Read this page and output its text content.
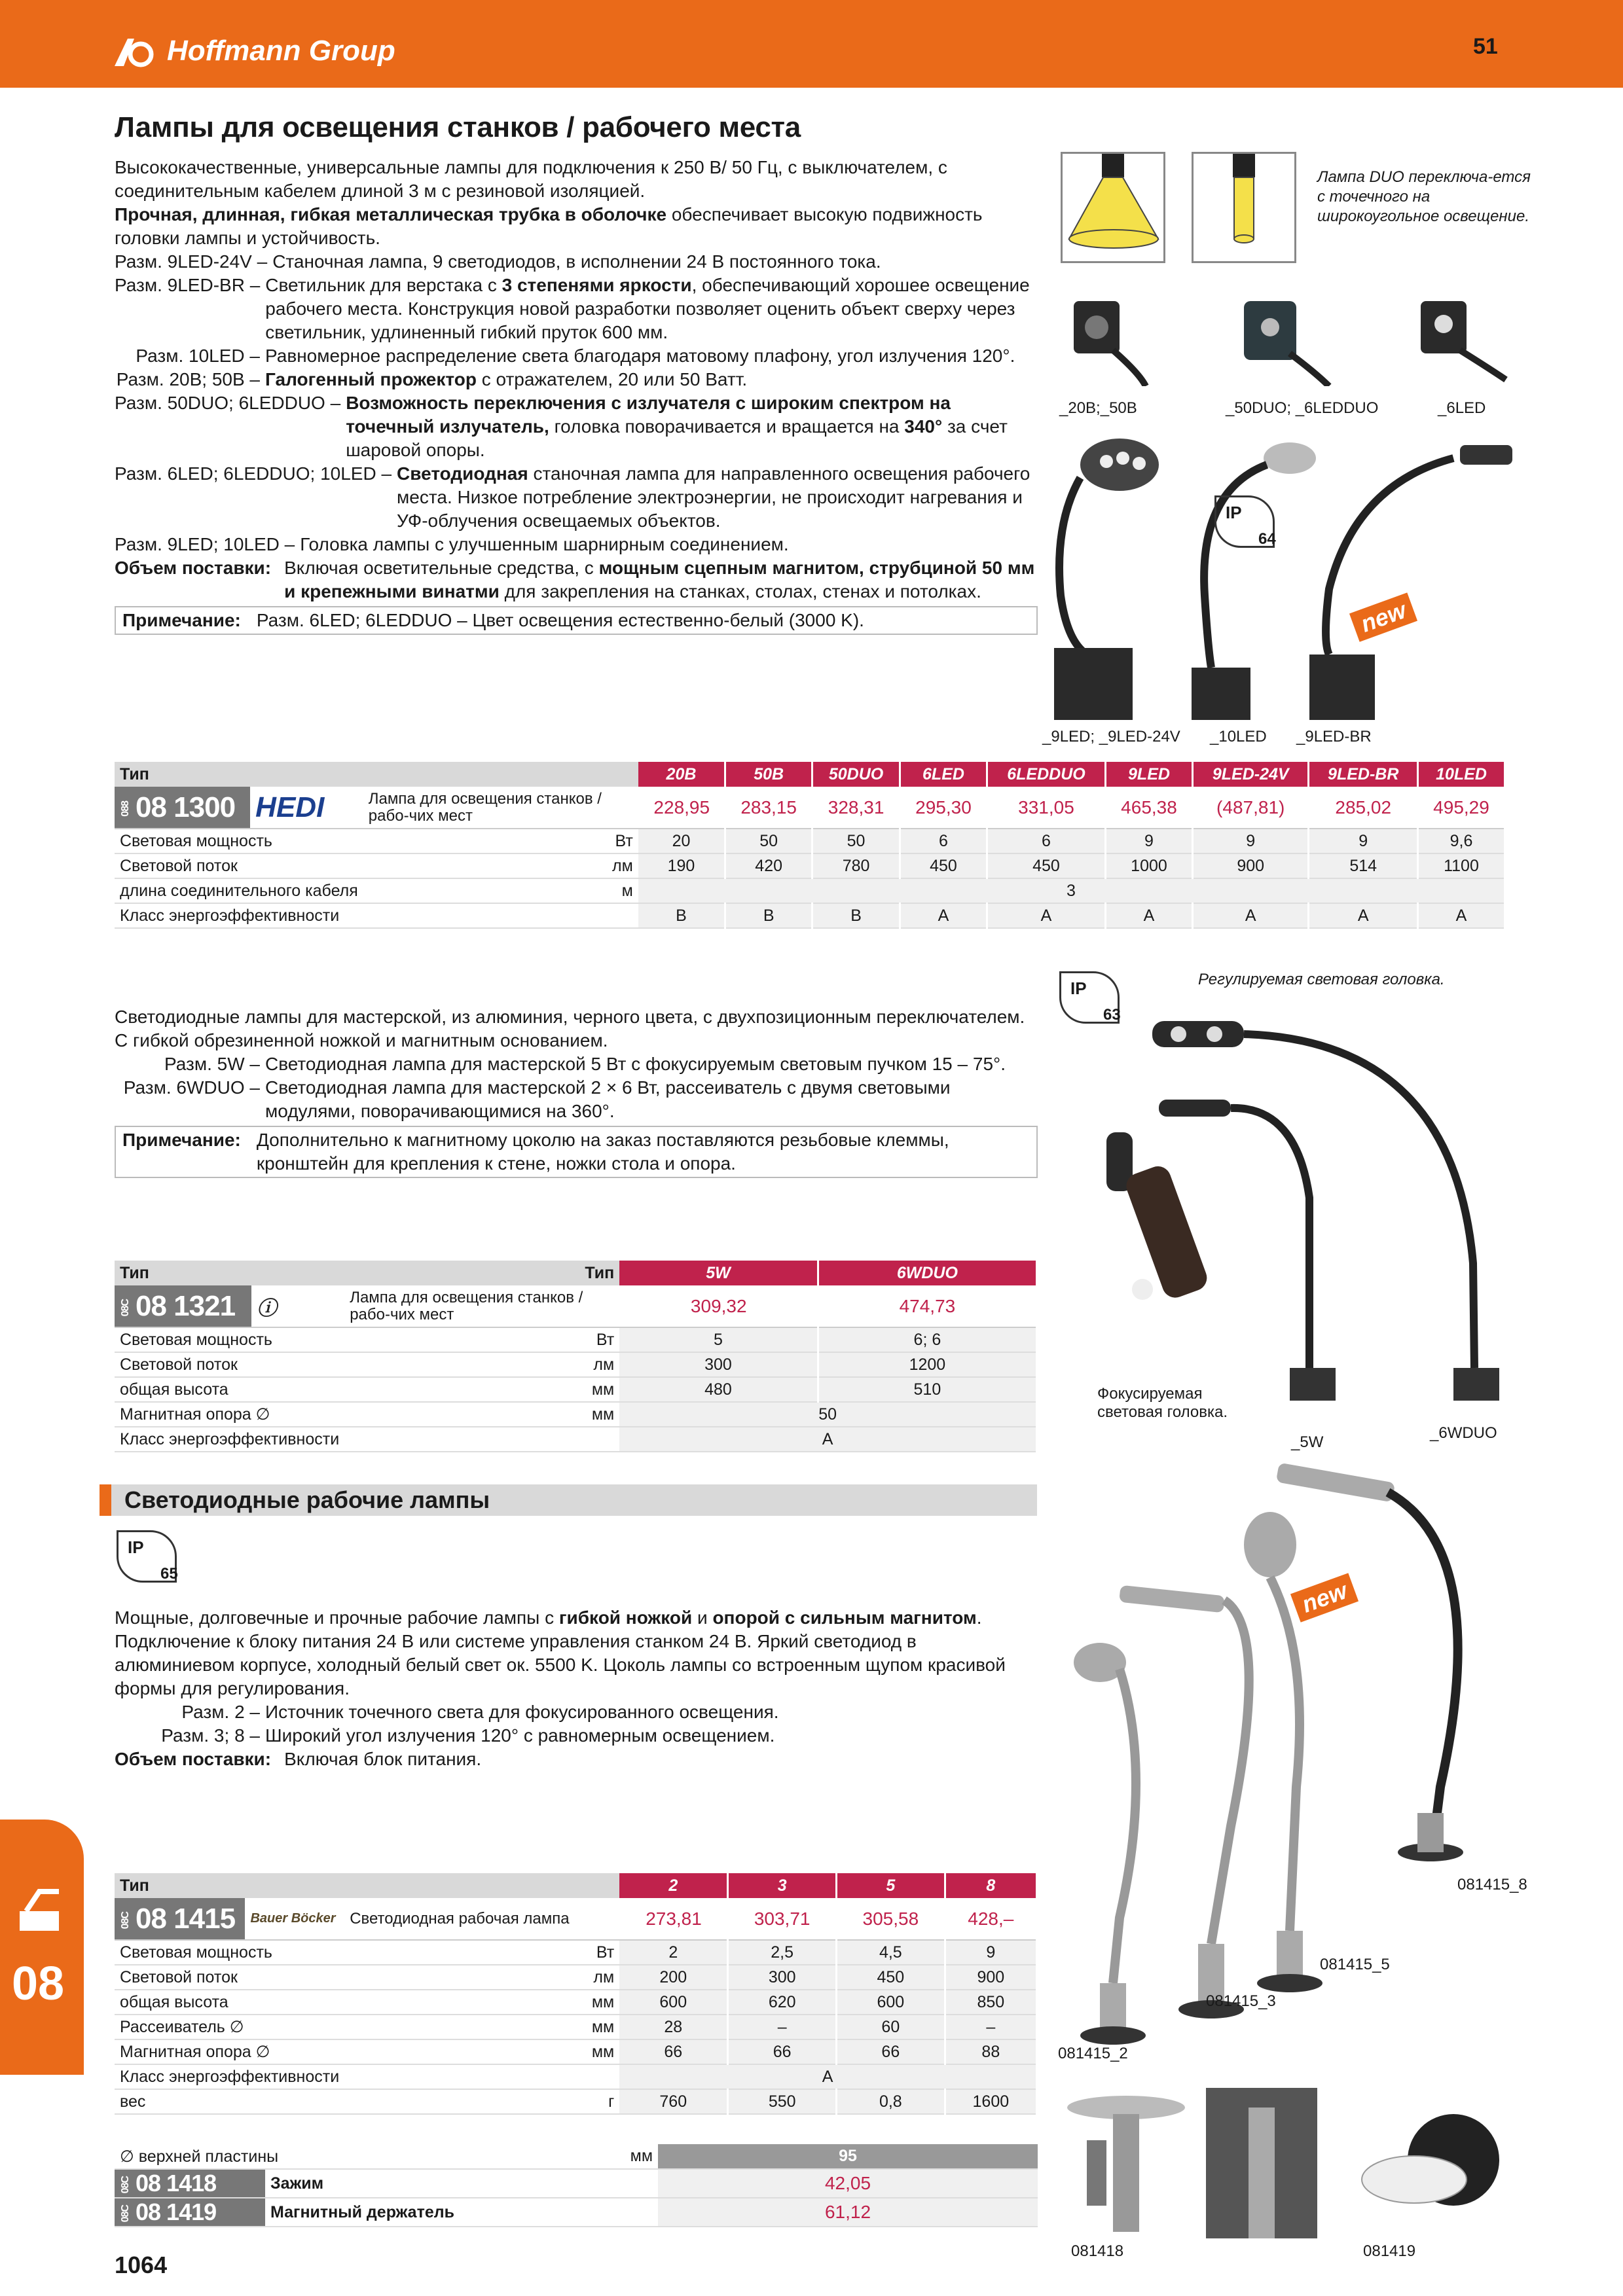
Hoffmann Group	51	RUE
Лампы для освещения станков / рабочего места
Высококачественные, универсальные лампы для подключения к 250 В/ 50 Гц, с выключателем, с соединительным кабелем длиной 3 м с резиновой изоляцией.
Прочная, длинная, гибкая металлическая трубка в оболочке обеспечивает высокую подвижность головки лампы и устойчивость.
Разм. 9LED-24V – Станочная лампа, 9 светодиодов, в исполнении 24 В постоянного тока.
Разм. 9LED-BR – Светильник для верстака с 3 степенями яркости, обеспечивающий хорошее освещение рабочего места. Конструкция новой разработки позволяет оценить объект сверху через светильник, удлиненный гибкий пруток 600 мм.
Разм. 10LED – Равномерное распределение света благодаря матовому плафону, угол излучения 120°.
Разм. 20B; 50B – Галогенный прожектор с отражателем, 20 или 50 Ватт.
Разм. 50DUO; 6LEDDUO – Возможность переключения с излучателя с широким спектром на точечный излучатель, головка поворачивается и вращается на 340° за счет шаровой опоры.
Разм. 6LED; 6LEDDUO; 10LED – Светодиодная станочная лампа для направленного освещения рабочего места. Низкое потребление электроэнергии, не происходит нагревания и УФ-облучения освещаемых объектов.
Разм. 9LED; 10LED – Головка лампы с улучшенным шарнирным соединением.
Объем поставки: Включая осветительные средства, с мощным сцепным магнитом, струбциной 50 мм и крепежными винатми для закрепления на станках, столах, стенах и потолках.
Примечание: Разм. 6LED; 6LEDDUO – Цвет освещения естественно-белый (3000 K).
Лампа DUO переключа-ется с точечного на широкоугольное освещение.
_20B;_50B	_50DUO; _6LEDDUO	_6LED
IP
64
new
_9LED; _9LED-24V _10LED _9LED-BR
Тип			20B	50B	50DUO	6LED	6LEDDUO	9LED	9LED-24V	9LED-BR	10LED
088 08 1300	HEDI	Лампа для освещения станков / рабо-чих мест	228,95	283,15	328,31	295,30	331,05	465,38	(487,81)	285,02	495,29
Световая мощность		Вт	20	50	50	6	6	9	9	9	9,6
Световой поток		лм	190	420	780	450	450	1000	900	514	1100
длина соединительного кабеля		м	3								
Класс энергоэффективности			B	B	B	A	A	A	A	A	A
IP
63
Регулируемая световая головка.
Светодиодные лампы для мастерской, из алюминия, черного цвета, с двухпозиционным переключателем. С гибкой обрезиненной ножкой и магнитным основанием.
Разм. 5W – Светодиодная лампа для мастерской 5 Вт с фокусируемым световым пучком 15 – 75°.
Разм. 6WDUO – Светодиодная лампа для мастерской 2 × 6 Вт, рассеиватель с двумя световыми модулями, поворачивающимися на 360°.
Примечание: Дополнительно к магнитному цоколю на заказ поставляются резьбовые клеммы, кронштейн для крепления к стене, ножки стола и опора.
Фокусируемая световая головка.
_5W
_6WDUO
Тип		Тип	5W	6WDUO
08C 08 1321	ⓘ	Лампа для освещения станков / рабо-чих мест	309,32	474,73
Световая мощность		Вт	5	6; 6
Световой поток		лм	300	1200
общая высота		мм	480	510
Магнитная опора ∅		мм	50	
Класс энергоэффективности			A	
Светодиодные рабочие лампы
IP
65
Мощные, долговечные и прочные рабочие лампы с гибкой ножкой и опорой с сильным магнитом. Подключение к блоку питания 24 В или системе управления станком 24 В. Яркий светодиод в алюминиевом корпусе, холодный белый свет ок. 5500 K. Цоколь лампы со встроенным щупом красивой формы для регулирования.
Разм. 2 – Источник точечного света для фокусированного освещения.
Разм. 3; 8 – Широкий угол излучения 120° с равномерным освещением.
Объем поставки: Включая блок питания.
new
081415_8
081415_5
081415_3
081415_2
081418	081419
Тип			2	3	5	8
08C 08 1415	Bauer Böcker	Светодиодная рабочая лампа	273,81	303,71	305,58	428,–
Световая мощность		Вт	2	2,5	4,5	9
Световой поток		лм	200	300	450	900
общая высота		мм	600	620	600	850
Рассеиватель ∅		мм	28	–	60	–
Магнитная опора ∅		мм	66	66	66	88
Класс энергоэффективности			A			
вес		г	760	550	0,8	1600
∅ верхней пластины		мм	95
08C 08 1418	Зажим		42,05
08C 08 1419	Магнитный держатель		61,12
08
1064
